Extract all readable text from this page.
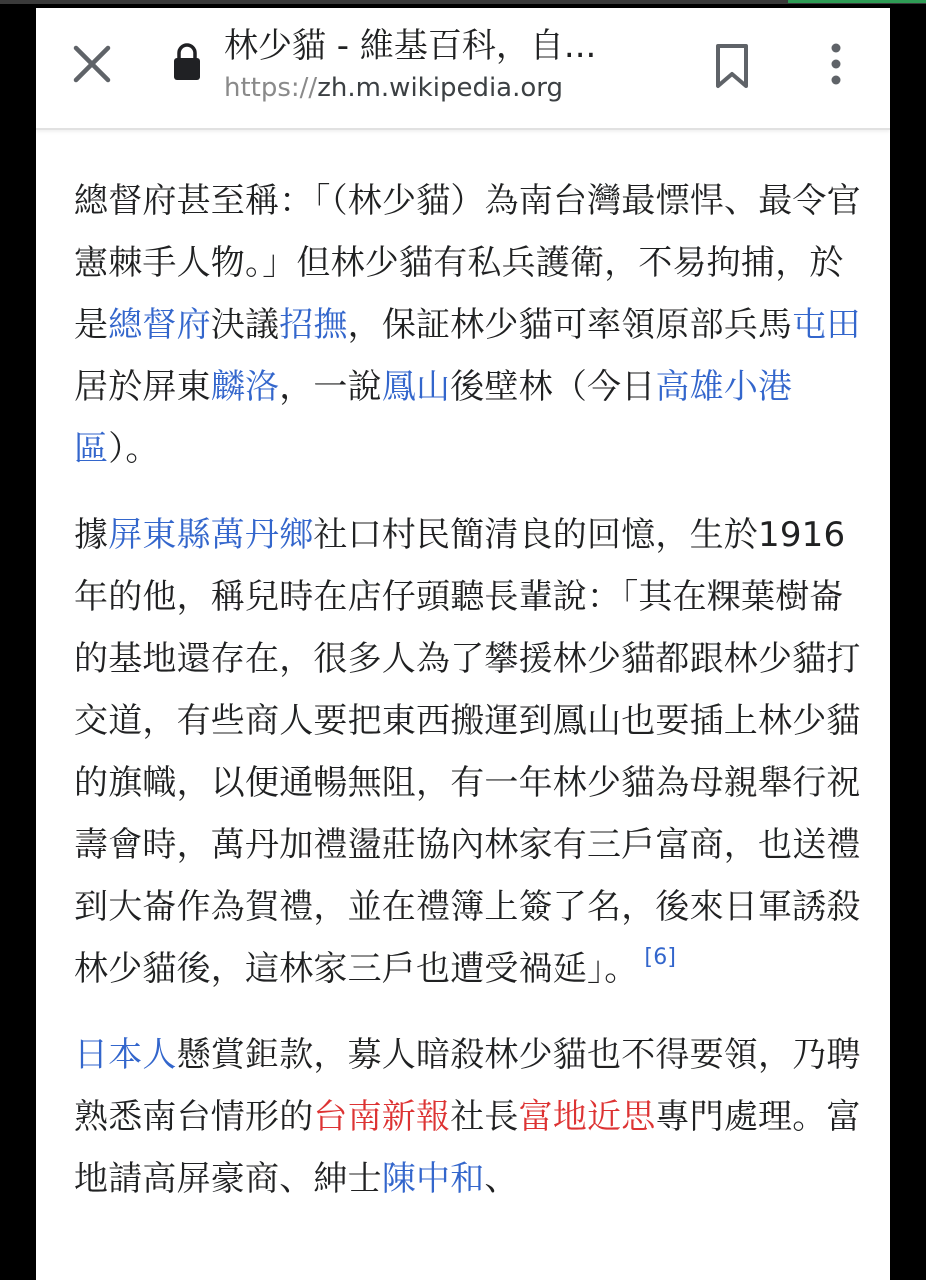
林少貓 - 維基百科，自...
https://zh.m.wikipedia.org

總督府甚至稱：「（林少貓）為南台灣最慓悍、最令官憲棘手人物。」但林少貓有私兵護衛，不易拘捕，於是總督府決議招撫，保証林少貓可率領原部兵馬屯田居於屏東麟洛，一說鳳山後壁林（今日高雄小港區）。

據屏東縣萬丹鄉社口村民簡清良的回憶，生於1916年的他，稱兒時在店仔頭聽長輩說：「其在粿葉樹崙的基地還存在，很多人為了攀援林少貓都跟林少貓打交道，有些商人要把東西搬運到鳳山也要插上林少貓的旗幟，以便通暢無阻，有一年林少貓為母親舉行祝壽會時，萬丹加禮盪莊協內林家有三戶富商，也送禮到大崙作為賀禮，並在禮簿上簽了名，後來日軍誘殺林少貓後，這林家三戶也遭受禍延」。 [6]

日本人懸賞鉅款，募人暗殺林少貓也不得要領，乃聘熟悉南台情形的台南新報社長富地近思專門處理。富地請高屏豪商、紳士陳中和、
